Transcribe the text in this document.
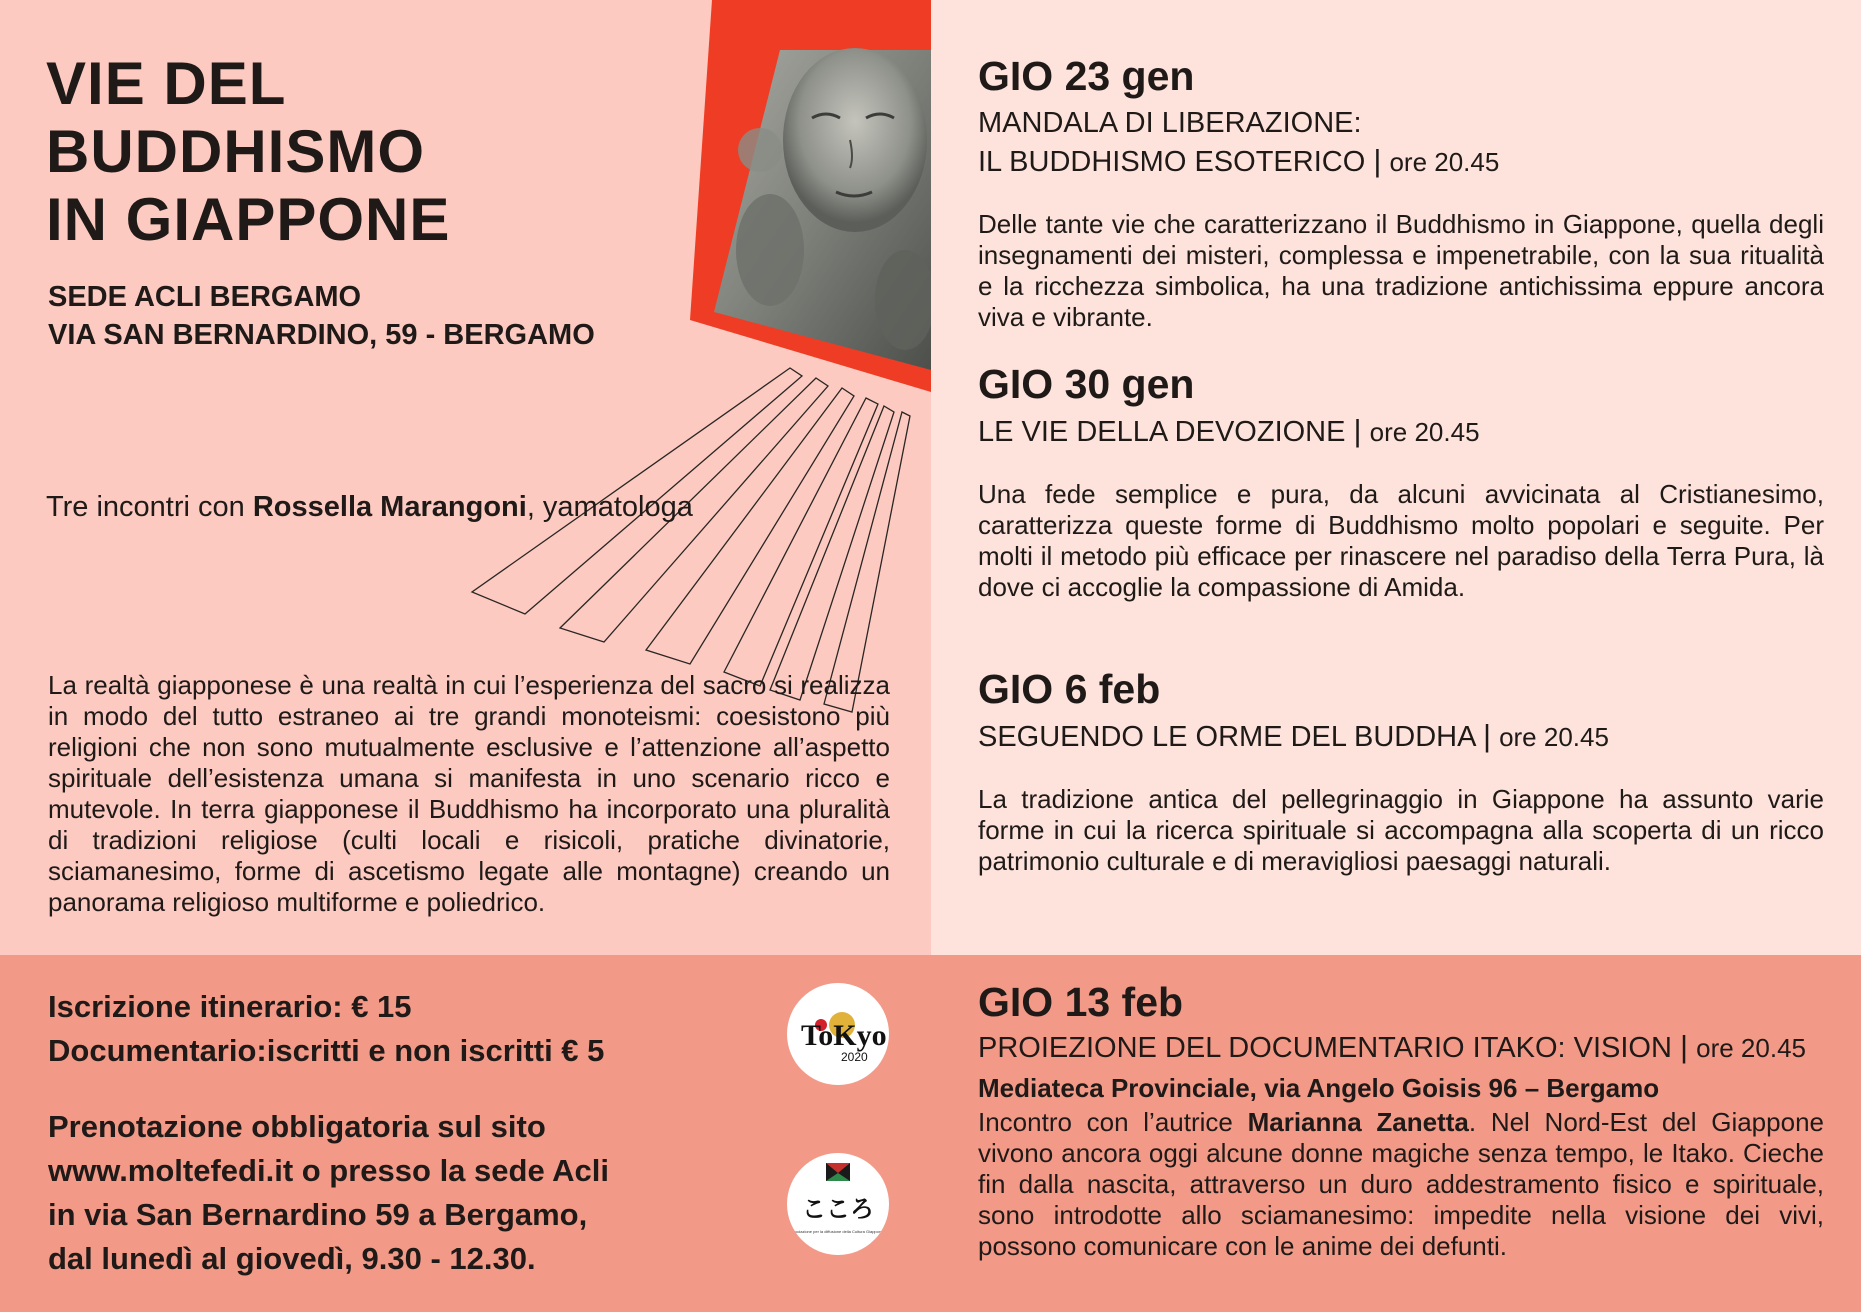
VIE DEL
BUDDHISMO
IN GIAPPONE
SEDE ACLI BERGAMO
VIA SAN BERNARDINO, 59 - BERGAMO

Tre incontri con Rossella Marangoni, yamatologa

La realtà giapponese è una realtà in cui l’esperienza del sacro si realizza in modo del tutto estraneo ai tre grandi monoteismi: coesistono più religioni che non sono mutualmente esclusive e l’attenzione all’aspetto spirituale dell’esistenza umana si manifesta in uno scenario ricco e mutevole. In terra giapponese il Buddhismo ha incorporato una pluralità di tradizioni religiose (culti locali e risicoli, pratiche divinatorie, sciamanesimo, forme di ascetismo legate alle montagne) creando un panorama religioso multiforme e poliedrico.

GIO 23 gen
MANDALA DI LIBERAZIONE:
IL BUDDHISMO ESOTERICO | ore 20.45

Delle tante vie che caratterizzano il Buddhismo in Giappone, quella degli insegnamenti dei misteri, complessa e impenetrabile, con la sua ritualità e la ricchezza simbolica, ha una tradizione antichissima eppure ancora viva e vibrante.

GIO 30 gen
LE VIE DELLA DEVOZIONE | ore 20.45

Una fede semplice e pura, da alcuni avvicinata al Cristianesimo, caratterizza queste forme di Buddhismo molto popolari e seguite. Per molti il metodo più efficace per rinascere nel paradiso della Terra Pura, là dove ci accoglie la compassione di Amida.

GIO 6 feb
SEGUENDO LE ORME DEL BUDDHA | ore 20.45

La tradizione antica del pellegrinaggio in Giappone ha assunto varie forme in cui la ricerca spirituale si accompagna alla scoperta di un ricco patrimonio culturale e di meravigliosi paesaggi naturali.

GIO 13 feb
PROIEZIONE DEL DOCUMENTARIO ITAKO: VISION | ore 20.45
Mediateca Provinciale, via Angelo Goisis 96 – Bergamo

Incontro con l’autrice Marianna Zanetta. Nel Nord-Est del Giappone vivono ancora oggi alcune donne magiche senza tempo, le Itako. Cieche fin dalla nascita, attraverso un duro addestramento fisico e spirituale, sono introdotte allo sciamanesimo: impedite nella visione dei vivi, possono comunicare con le anime dei defunti.

Iscrizione itinerario: € 15
Documentario:iscritti e non iscritti € 5
Prenotazione obbligatoria sul sito
www.moltefedi.it o presso la sede Acli
in via San Bernardino 59 a Bergamo,
dal lunedì al giovedì, 9.30 - 12.30.
ToKyo
2020
こころ
Associazione per la diffusione della Cultura Giapponese
